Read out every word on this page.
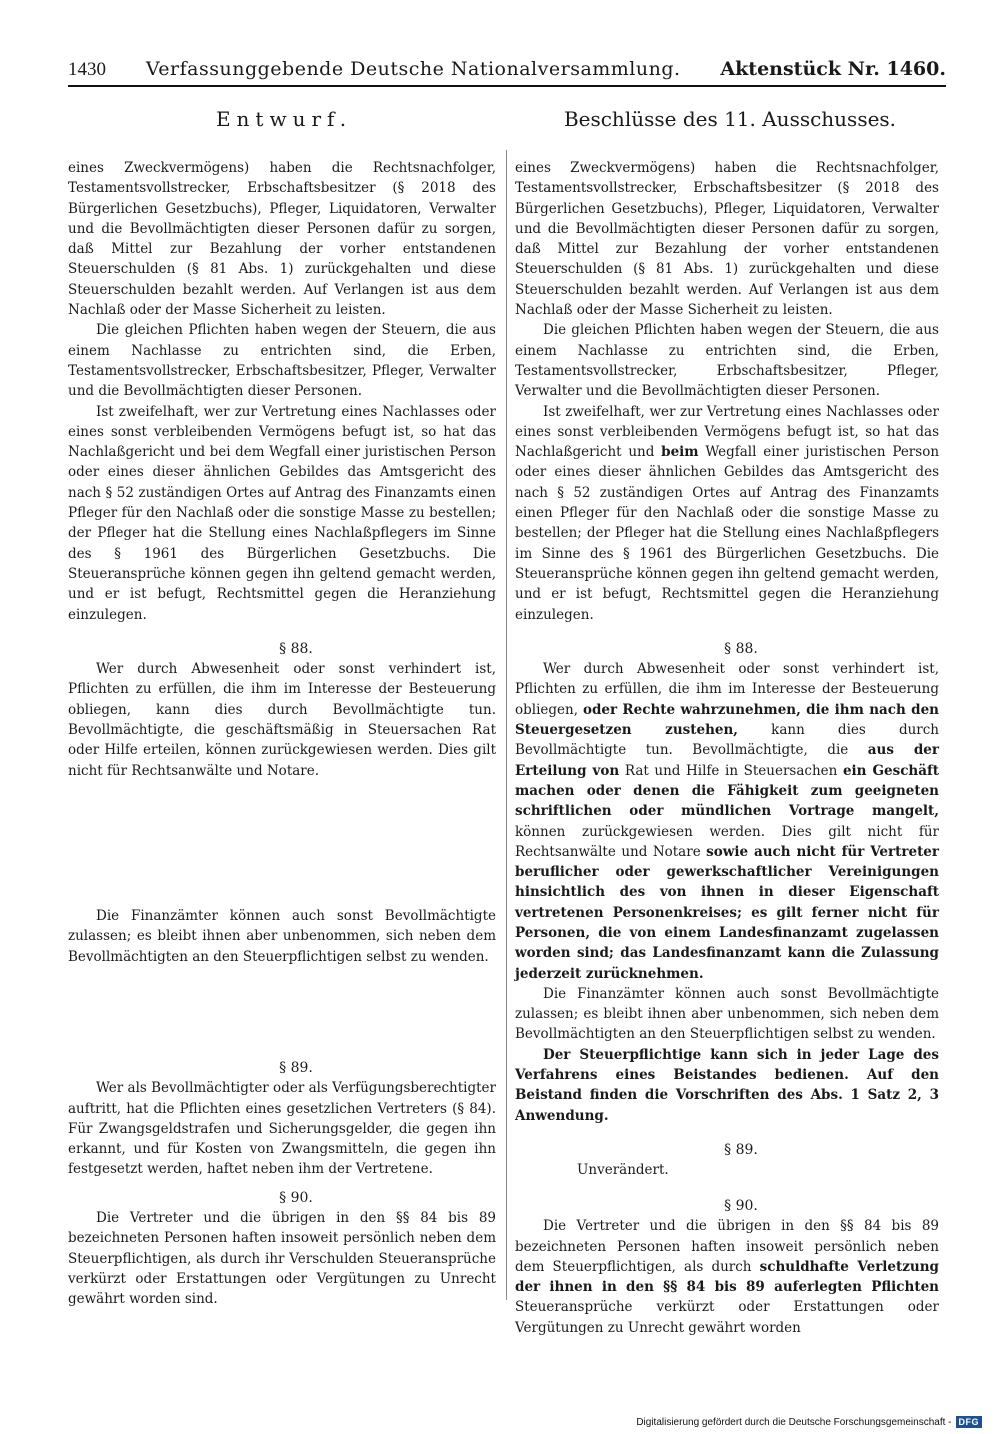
1430 Verfassunggebende Deutsche Nationalversammlung. Aktenstück Nr. 1460.
Entwurf.	Beschlüsse des 11. Ausschusses.

eines Zweckvermögens) haben die Rechtsnachfolger, Testamentsvollstrecker, Erbschaftsbesitzer (§ 2018 des Bürgerlichen Gesetzbuchs), Pfleger, Liquidatoren, Verwalter und die Bevollmächtigten dieser Personen dafür zu sorgen, daß Mittel zur Bezahlung der vorher entstandenen Steuerschulden (§ 81 Abs. 1) zurückgehalten und diese Steuerschulden bezahlt werden. Auf Verlangen ist aus dem Nachlaß oder der Masse Sicherheit zu leisten.

Die gleichen Pflichten haben wegen der Steuern, die aus einem Nachlasse zu entrichten sind, die Erben, Testamentsvollstrecker, Erbschaftsbesitzer, Pfleger, Verwalter und die Bevollmächtigten dieser Personen.

Ist zweifelhaft, wer zur Vertretung eines Nachlasses oder eines sonst verbleibenden Vermögens befugt ist, so hat das Nachlaßgericht und bei dem Wegfall einer juristischen Person oder eines dieser ähnlichen Gebildes das Amtsgericht des nach § 52 zuständigen Ortes auf Antrag des Finanzamts einen Pfleger für den Nachlaß oder die sonstige Masse zu bestellen; der Pfleger hat die Stellung eines Nachlaßpflegers im Sinne des § 1961 des Bürgerlichen Gesetzbuchs. Die Steueransprüche können gegen ihn geltend gemacht werden, und er ist befugt, Rechtsmittel gegen die Heranziehung einzulegen.

§ 88.

Wer durch Abwesenheit oder sonst verhindert ist, Pflichten zu erfüllen, die ihm im Interesse der Besteuerung obliegen, kann dies durch Bevollmächtigte tun. Bevollmächtigte, die geschäftsmäßig in Steuersachen Rat oder Hilfe erteilen, können zurückgewiesen werden. Dies gilt nicht für Rechtsanwälte und Notare.

Die Finanzämter können auch sonst Bevollmächtigte zulassen; es bleibt ihnen aber unbenommen, sich neben dem Bevollmächtigten an den Steuerpflichtigen selbst zu wenden.

§ 89.

Wer als Bevollmächtigter oder als Verfügungsberechtigter auftritt, hat die Pflichten eines gesetzlichen Vertreters (§ 84). Für Zwangsgeldstrafen und Sicherungsgelder, die gegen ihn erkannt, und für Kosten von Zwangsmitteln, die gegen ihn festgesetzt werden, haftet neben ihm der Vertretene.

§ 90.

Die Vertreter und die übrigen in den §§ 84 bis 89 bezeichneten Personen haften insoweit persönlich neben dem Steuerpflichtigen, als durch ihr Verschulden Steueransprüche verkürzt oder Erstattungen oder Vergütungen zu Unrecht gewährt worden sind.

eines Zweckvermögens) haben die Rechtsnachfolger, Testamentsvollstrecker, Erbschaftsbesitzer (§ 2018 des Bürgerlichen Gesetzbuchs), Pfleger, Liquidatoren, Verwalter und die Bevollmächtigten dieser Personen dafür zu sorgen, daß Mittel zur Bezahlung der vorher entstandenen Steuerschulden (§ 81 Abs. 1) zurückgehalten und diese Steuerschulden bezahlt werden. Auf Verlangen ist aus dem Nachlaß oder der Masse Sicherheit zu leisten.

Die gleichen Pflichten haben wegen der Steuern, die aus einem Nachlasse zu entrichten sind, die Erben, Testamentsvollstrecker, Erbschaftsbesitzer, Pfleger, Verwalter und die Bevollmächtigten dieser Personen.

Ist zweifelhaft, wer zur Vertretung eines Nachlasses oder eines sonst verbleibenden Vermögens befugt ist, so hat das Nachlaßgericht und beim Wegfall einer juristischen Person oder eines dieser ähnlichen Gebildes das Amtsgericht des nach § 52 zuständigen Ortes auf Antrag des Finanzamts einen Pfleger für den Nachlaß oder die sonstige Masse zu bestellen; der Pfleger hat die Stellung eines Nachlaßpflegers im Sinne des § 1961 des Bürgerlichen Gesetzbuchs. Die Steueransprüche können gegen ihn geltend gemacht werden, und er ist befugt, Rechtsmittel gegen die Heranziehung einzulegen.

§ 88.

Wer durch Abwesenheit oder sonst verhindert ist, Pflichten zu erfüllen, die ihm im Interesse der Besteuerung obliegen, oder Rechte wahrzunehmen, die ihm nach den Steuergesetzen zustehen, kann dies durch Bevollmächtigte tun. Bevollmächtigte, die aus der Erteilung von Rat und Hilfe in Steuersachen ein Geschäft machen oder denen die Fähigkeit zum geeigneten schriftlichen oder mündlichen Vortrage mangelt, können zurückgewiesen werden. Dies gilt nicht für Rechtsanwälte und Notare sowie auch nicht für Vertreter beruflicher oder gewerkschaftlicher Vereinigungen hinsichtlich des von ihnen in dieser Eigenschaft vertretenen Personenkreises; es gilt ferner nicht für Personen, die von einem Landesfinanzamt zugelassen worden sind; das Landesfinanzamt kann die Zulassung jederzeit zurücknehmen.

Die Finanzämter können auch sonst Bevollmächtigte zulassen; es bleibt ihnen aber unbenommen, sich neben dem Bevollmächtigten an den Steuerpflichtigen selbst zu wenden.

Der Steuerpflichtige kann sich in jeder Lage des Verfahrens eines Beistandes bedienen. Auf den Beistand finden die Vorschriften des Abs. 1 Satz 2, 3 Anwendung.

§ 89.

Unverändert.

§ 90.

Die Vertreter und die übrigen in den §§ 84 bis 89 bezeichneten Personen haften insoweit persönlich neben dem Steuerpflichtigen, als durch schuldhafte Verletzung der ihnen in den §§ 84 bis 89 auferlegten Pflichten Steueransprüche verkürzt oder Erstattungen oder Vergütungen zu Unrecht gewährt worden

Digitalisierung gefördert durch die Deutsche Forschungsgemeinschaft - DFG
